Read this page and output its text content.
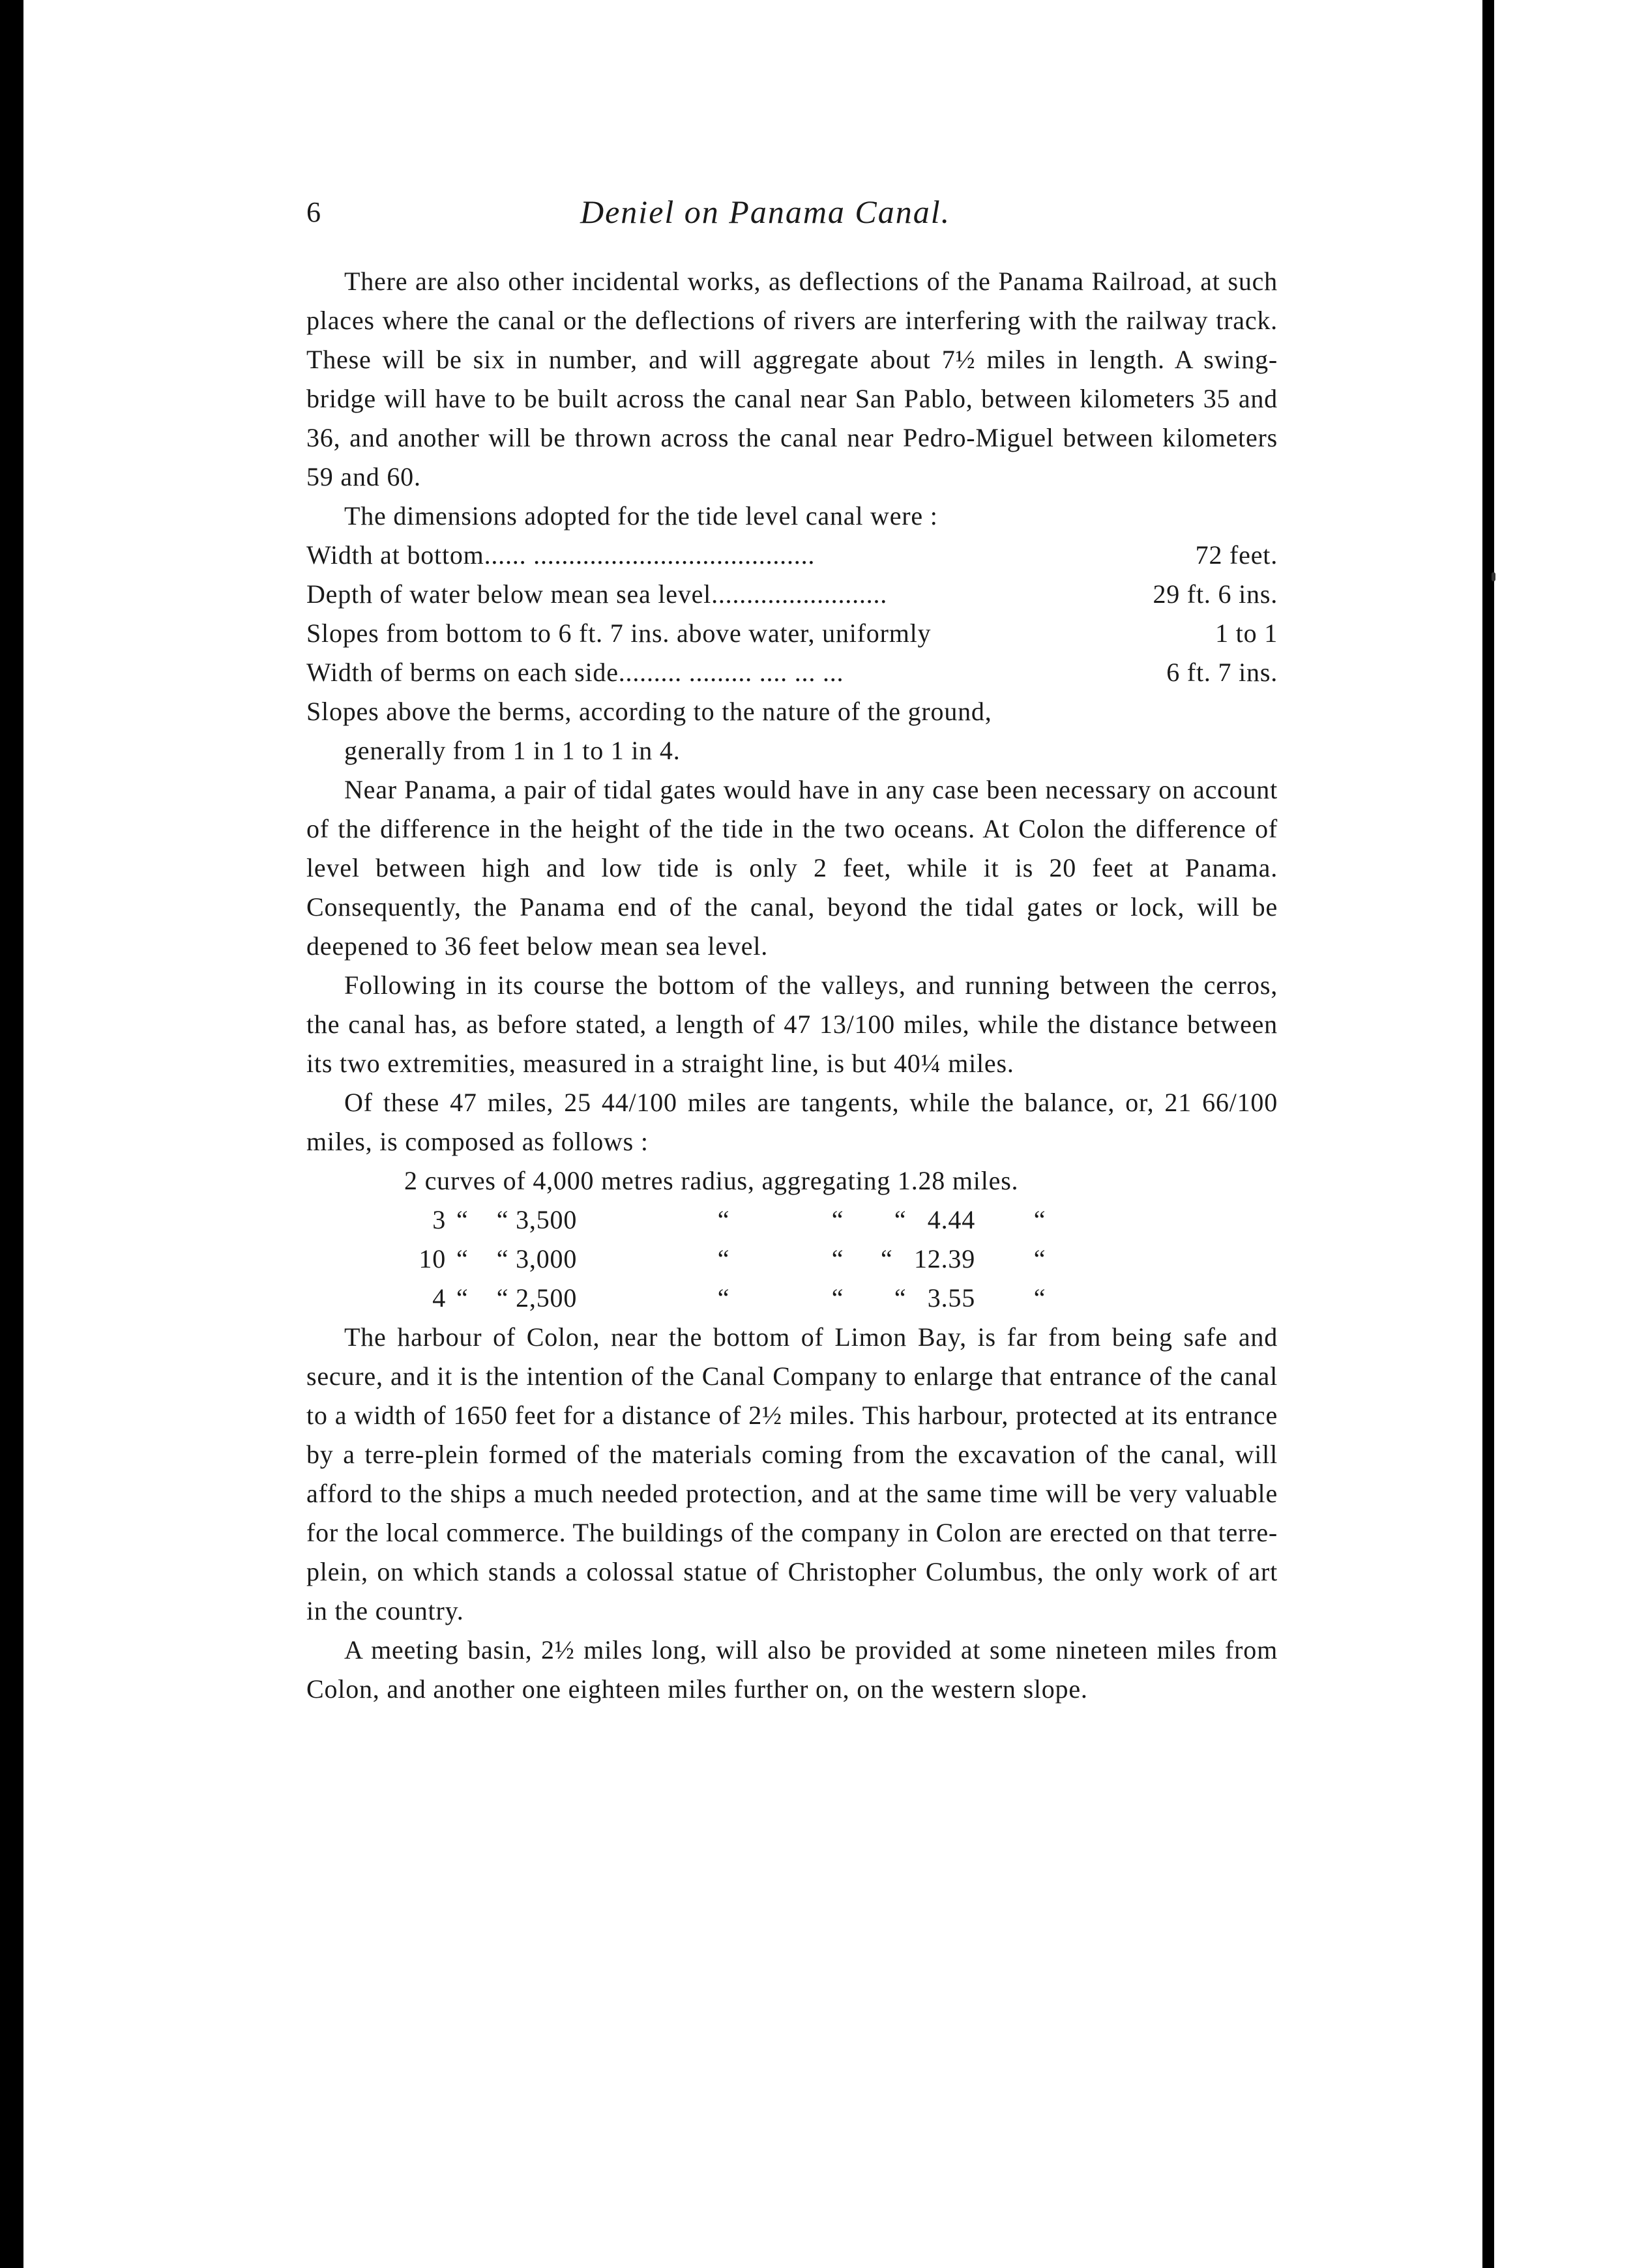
6	Deniel on Panama Canal.

There are also other incidental works, as deflections of the Panama Railroad, at such places where the canal or the deflections of rivers are interfering with the railway track. These will be six in number, and will aggregate about 7½ miles in length. A swing-bridge will have to be built across the canal near San Pablo, between kilometers 35 and 36, and another will be thrown across the canal near Pedro-Miguel between kilometers 59 and 60.

The dimensions adopted for the tide level canal were :

Width at bottom...... ........................................	72 feet.
Depth of water below mean sea level.........................	29 ft. 6 ins.
Slopes from bottom to 6 ft. 7 ins. above water, uniformly	1 to 1
Width of berms on each side......... ......... .... ... ...	6 ft. 7 ins.
Slopes above the berms, according to the nature of the ground,
generally from 1 in 1 to 1 in 4.

Near Panama, a pair of tidal gates would have in any case been necessary on account of the difference in the height of the tide in the two oceans. At Colon the difference of level between high and low tide is only 2 feet, while it is 20 feet at Panama. Consequently, the Panama end of the canal, beyond the tidal gates or lock, will be deepened to 36 feet below mean sea level.

Following in its course the bottom of the valleys, and running between the cerros, the canal has, as before stated, a length of 47 13/100 miles, while the distance between its two extremities, measured in a straight line, is but 40¼ miles.

Of these 47 miles, 25 44/100 miles are tangents, while the balance, or, 21 66/100 miles, is composed as follows :

2 curves of 4,000 metres radius, aggregating 1.28 miles.
3 “ “ 3,500	“	“	“ 4.44	“
10 “ “ 3,000	“	“	“ 12.39	“
4 “ “ 2,500	“	“	“ 3.55	“

The harbour of Colon, near the bottom of Limon Bay, is far from being safe and secure, and it is the intention of the Canal Company to enlarge that entrance of the canal to a width of 1650 feet for a distance of 2½ miles. This harbour, protected at its entrance by a terre-plein formed of the materials coming from the excavation of the canal, will afford to the ships a much needed protection, and at the same time will be very valuable for the local commerce. The buildings of the company in Colon are erected on that terre-plein, on which stands a colossal statue of Christopher Columbus, the only work of art in the country.

A meeting basin, 2½ miles long, will also be provided at some nineteen miles from Colon, and another one eighteen miles further on, on the western slope.
